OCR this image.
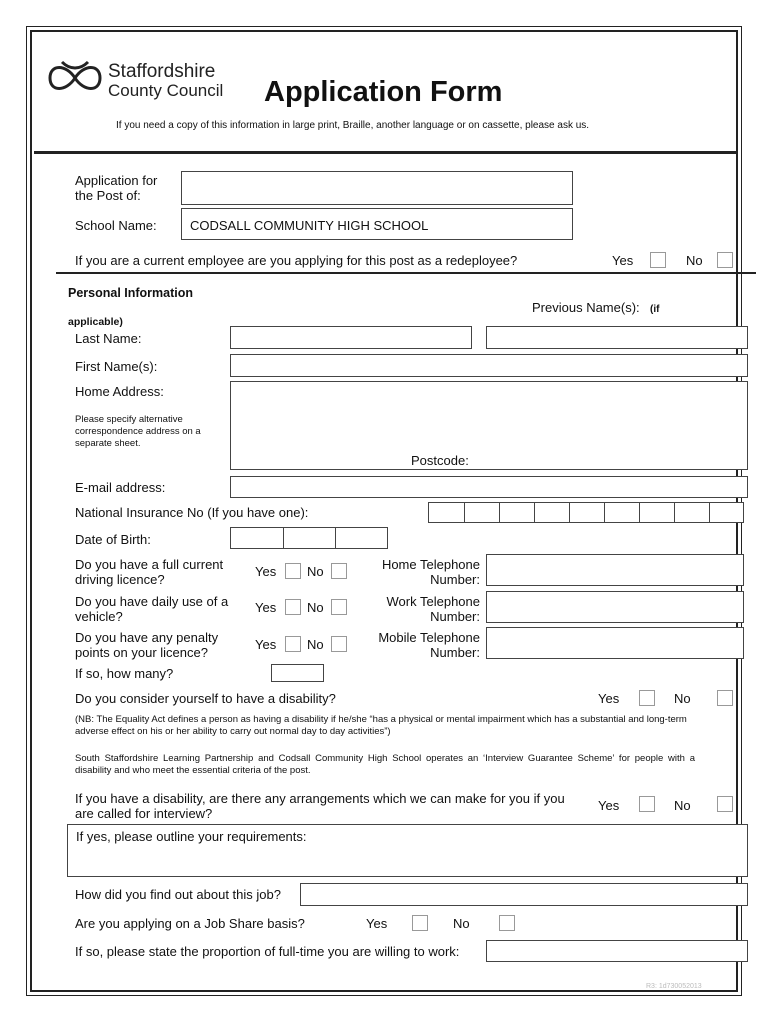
Staffordshire
County Council Application Form
If you need a copy of this information in large print, Braille, another language or on cassette, please ask us.
Application for the Post of:
School Name:	CODSALL COMMUNITY HIGH SCHOOL
If you are a current employee are you applying for this post as a redeployee?	Yes	No
Personal Information
applicable)
Previous Name(s): (if
Last Name:
First Name(s):
Home Address:
Please specify alternative correspondence address on a separate sheet.
Postcode:
E-mail address:
National Insurance No (If you have one):
Date of Birth:
Do you have a full current driving licence?
Yes No	Home Telephone Number:
Do you have daily use of a vehicle?
Yes No	Work Telephone Number:
Do you have any penalty points on your licence?
Yes No	Mobile Telephone Number:
If so, how many?
Do you consider yourself to have a disability?	Yes	No
(NB: The Equality Act defines a person as having a disability if he/she “has a physical or mental impairment which has a substantial and long-term adverse effect on his or her ability to carry out normal day to day activities”)
South Staffordshire Learning Partnership and Codsall Community High School operates an ‘Interview Guarantee Scheme’ for people with a disability and who meet the essential criteria of the post.
If you have a disability, are there any arrangements which we can make for you if you are called for interview?
Yes	No
If yes, please outline your requirements:
How did you find out about this job?
Are you applying on a Job Share basis?	Yes	No
If so, please state the proportion of full-time you are willing to work:
R3: 1d730052013
